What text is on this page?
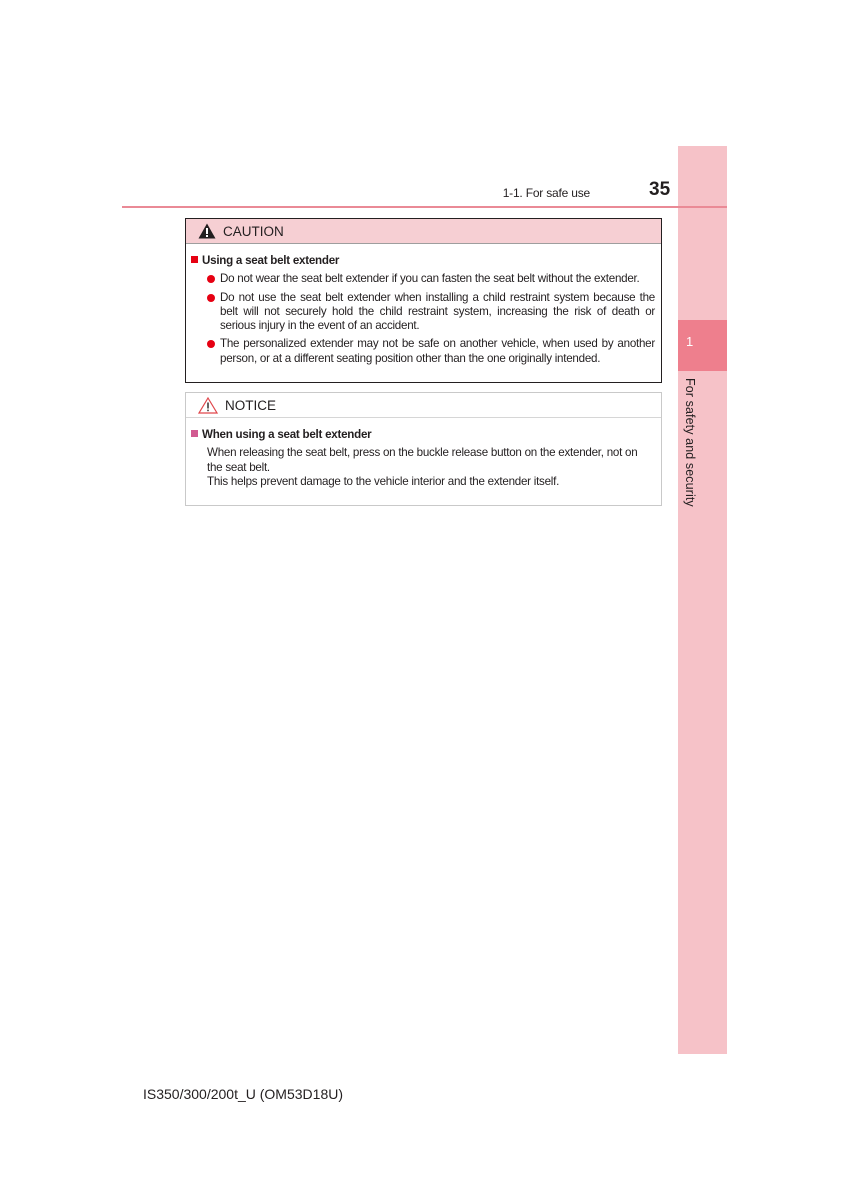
1
For safety and security
1-1. For safe use	35
CAUTION
Using a seat belt extender
Do not wear the seat belt extender if you can fasten the seat belt without the extender.
Do not use the seat belt extender when installing a child restraint system because the belt will not securely hold the child restraint system, increasing the risk of death or serious injury in the event of an accident.
The personalized extender may not be safe on another vehicle, when used by another person, or at a different seating position other than the one originally intended.
NOTICE
When using a seat belt extender
When releasing the seat belt, press on the buckle release button on the extender, not on the seat belt.
This helps prevent damage to the vehicle interior and the extender itself.
IS350/300/200t_U (OM53D18U)
